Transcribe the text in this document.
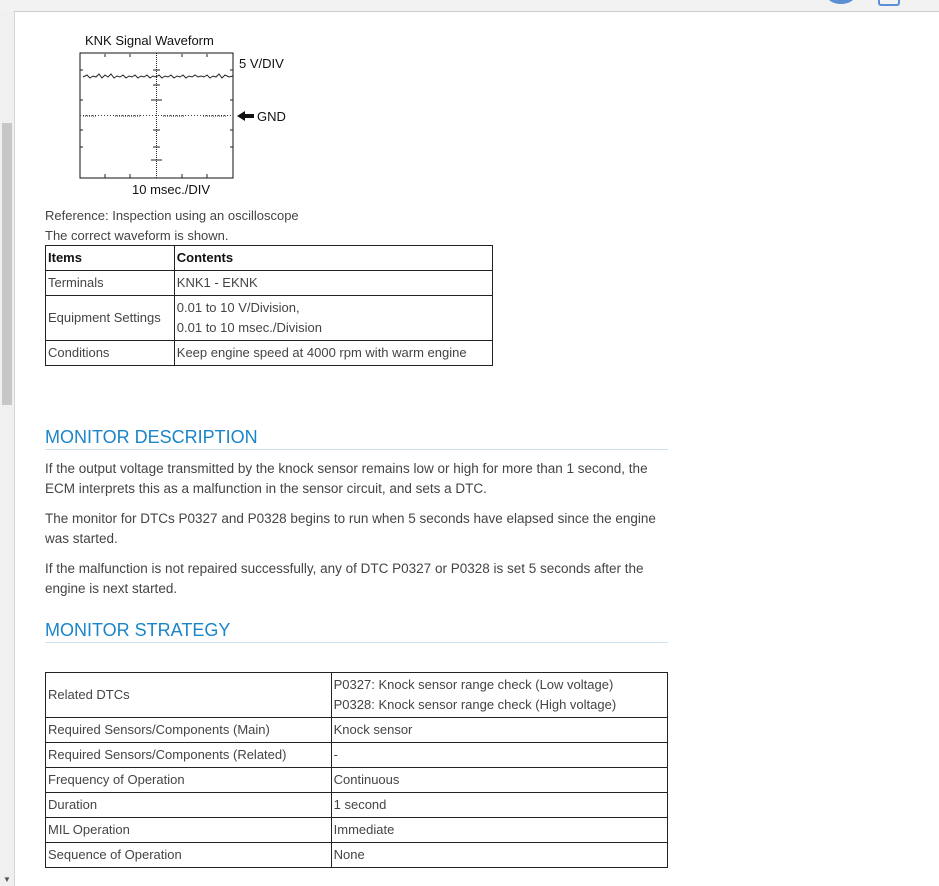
▼
KNK Signal Waveform
5 V/DIV
GND
10 msec./DIV
Reference: Inspection using an oscilloscope
The correct waveform is shown.
Items	Contents
Terminals	KNK1 - EKNK
Equipment Settings	0.01 to 10 V/Division,
0.01 to 10 msec./Division

Conditions	Keep engine speed at 4000 rpm with warm engine
MONITOR DESCRIPTION

If the output voltage transmitted by the knock sensor remains low or high for more than 1 second, the ECM interprets this as a malfunction in the sensor circuit, and sets a DTC.

The monitor for DTCs P0327 and P0328 begins to run when 5 seconds have elapsed since the engine was started.

If the malfunction is not repaired successfully, any of DTC P0327 or P0328 is set 5 seconds after the engine is next started.

MONITOR STRATEGY
Related DTCs	P0327: Knock sensor range check (Low voltage)
P0328: Knock sensor range check (High voltage)

Required Sensors/Components (Main)	Knock sensor
Required Sensors/Components (Related)	-
Frequency of Operation	Continuous
Duration	1 second
MIL Operation	Immediate
Sequence of Operation	None
